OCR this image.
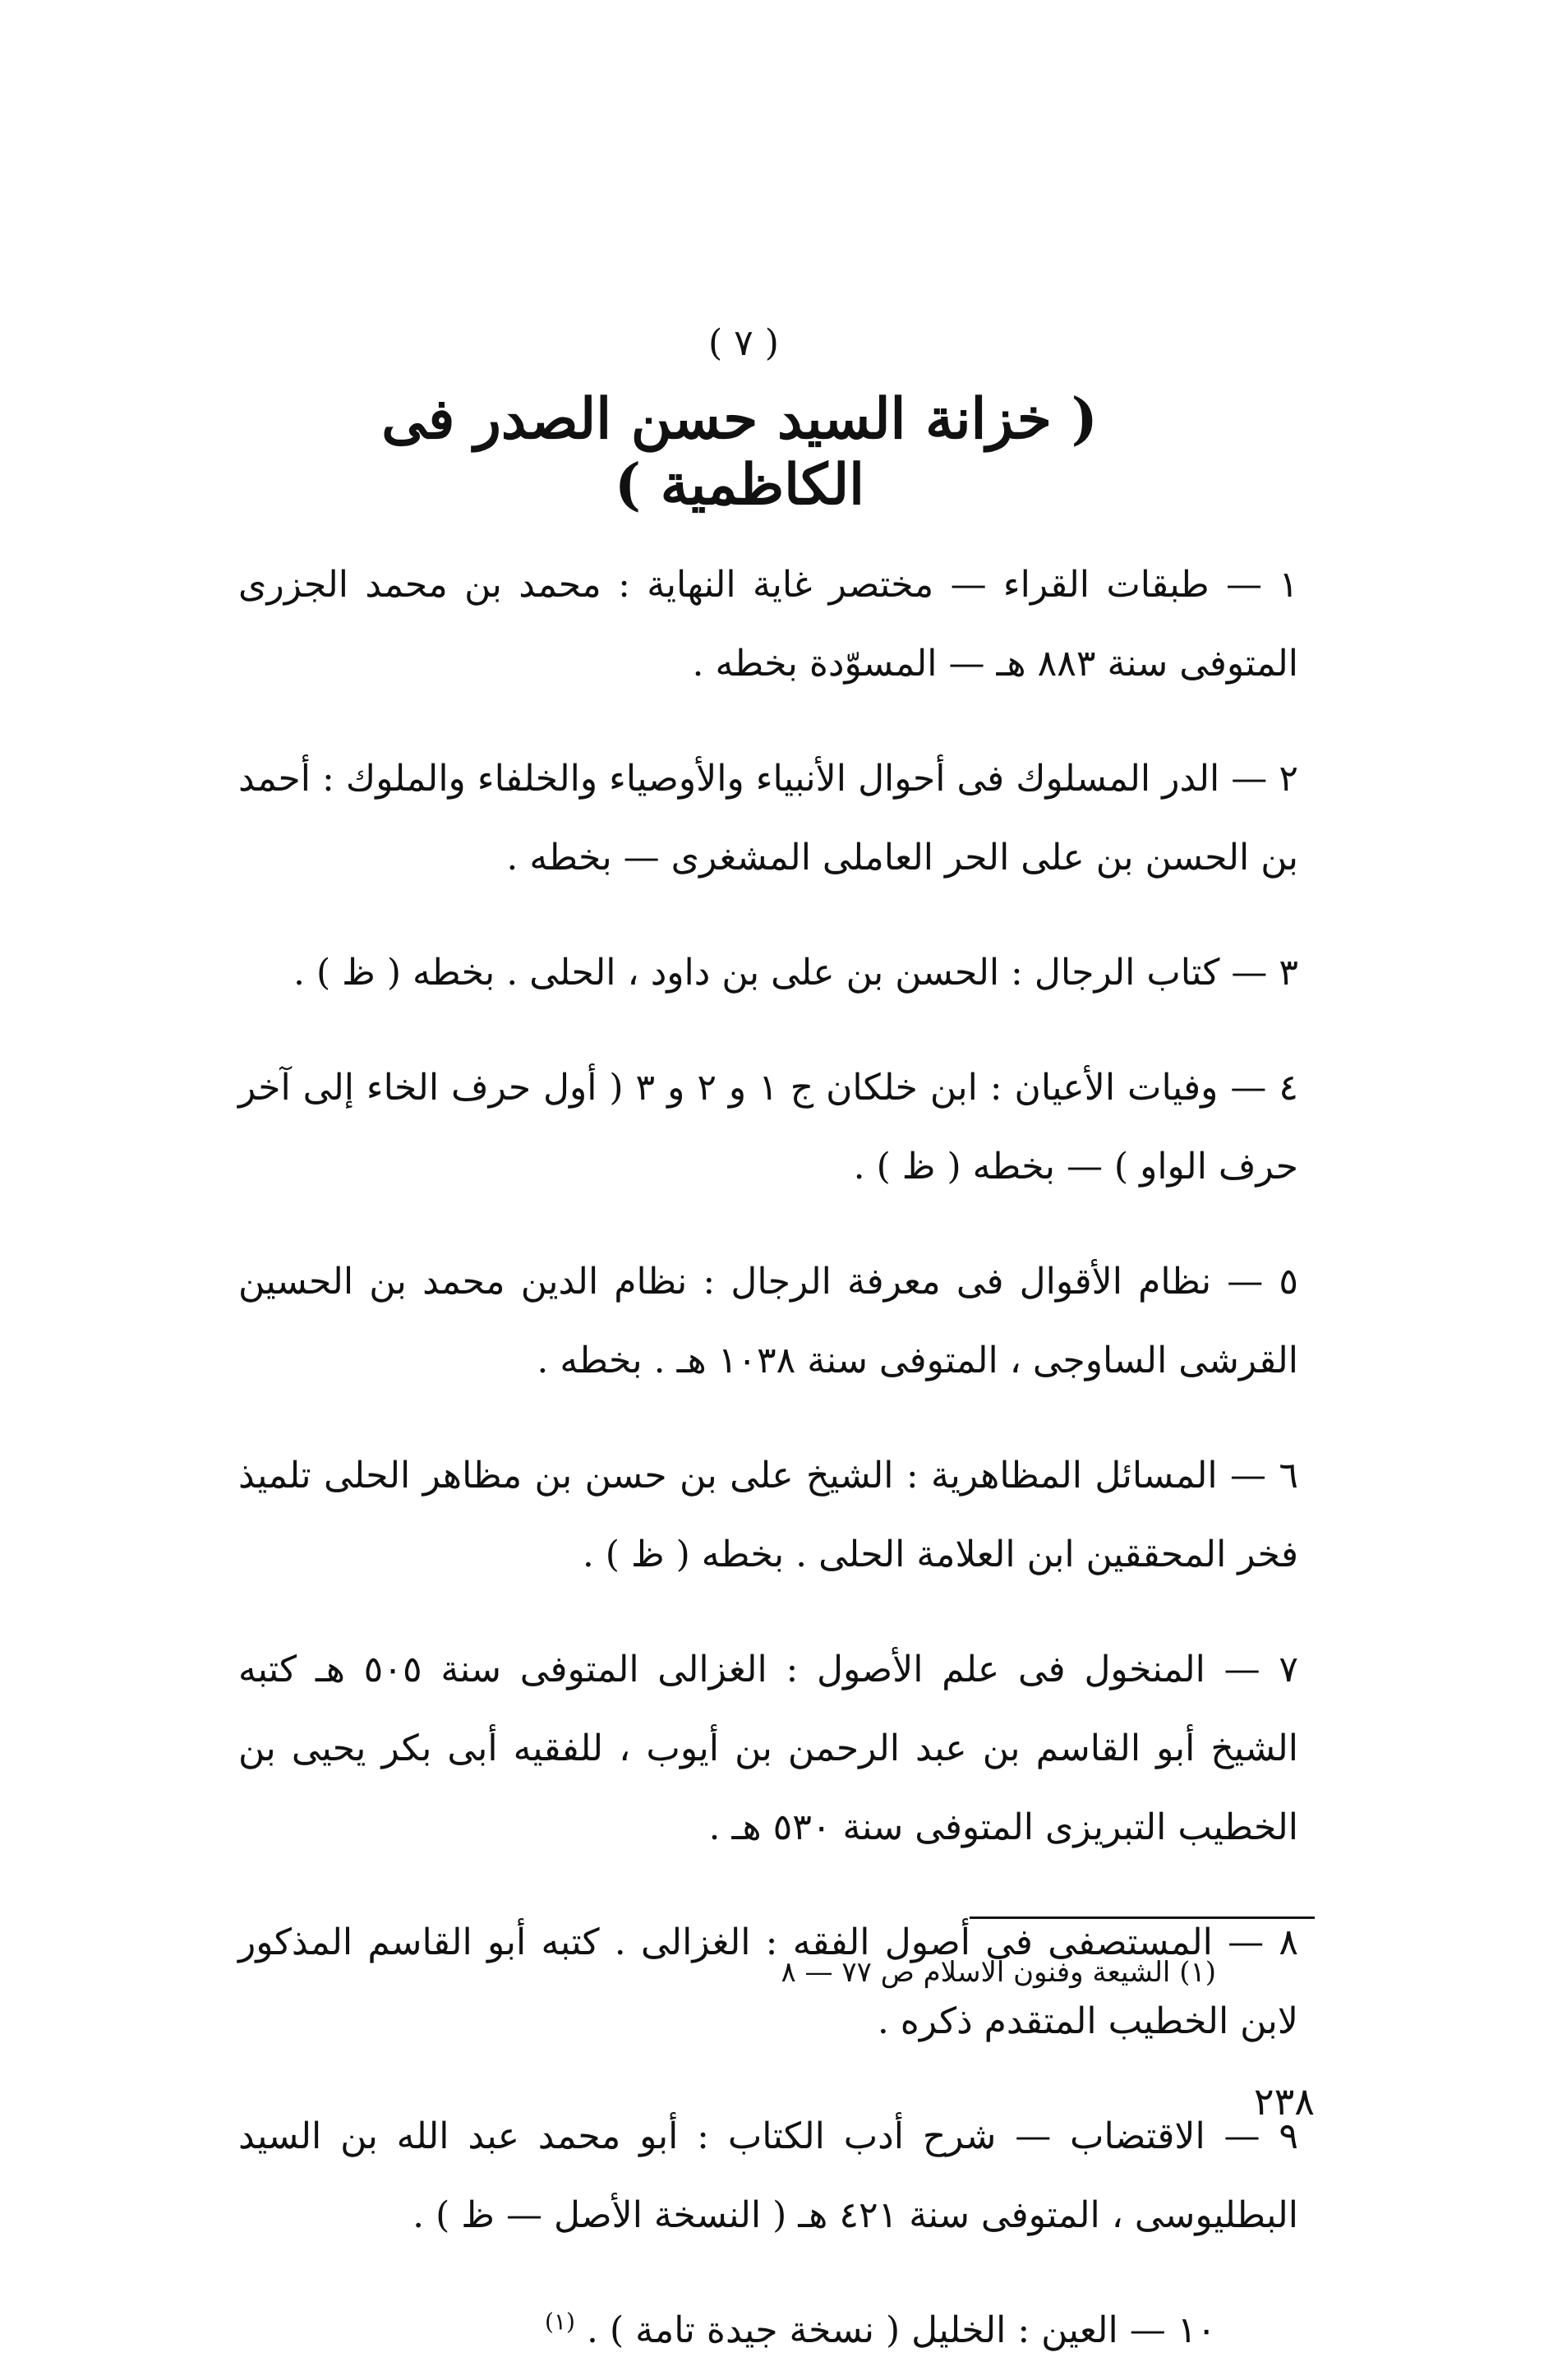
( ٧ )
( خزانة السيد حسن الصدر فى الكاظمية )

١ — طبقات القراء — مختصر غاية النهاية : محمد بن محمد الجزرى المتوفى سنة ٨٨٣ هـ — المسوّدة بخطه .

٢ — الدر المسلوك فى أحوال الأنبياء والأوصياء والخلفاء والملوك : أحمد بن الحسن بن على الحر العاملى المشغرى — بخطه .

٣ — كتاب الرجال : الحسن بن على بن داود ، الحلى . بخطه ( ظ ) .

٤ — وفيات الأعيان : ابن خلكان ج ١ و ٢ و ٣ ( أول حرف الخاء إلى آخر حرف الواو ) — بخطه ( ظ ) .

٥ — نظام الأقوال فى معرفة الرجال : نظام الدين محمد بن الحسين القرشى الساوجى ، المتوفى سنة ١٠٣٨ هـ . بخطه .

٦ — المسائل المظاهرية : الشيخ على بن حسن بن مظاهر الحلى تلميذ فخر المحققين ابن العلامة الحلى . بخطه ( ظ ) .

٧ — المنخول فى علم الأصول : الغزالى المتوفى سنة ٥٠٥ هـ كتبه الشيخ أبو القاسم بن عبد الرحمن بن أيوب ، للفقيه أبى بكر يحيى بن الخطيب التبريزى المتوفى سنة ٥٣٠ هـ .

٨ — المستصفى فى أصول الفقه : الغزالى . كتبه أبو القاسم المذكور لابن الخطيب المتقدم ذكره .

٩ — الاقتضاب — شرح أدب الكتاب : أبو محمد عبد الله بن السيد البطليوسى ، المتوفى سنة ٤٢١ هـ ( النسخة الأصل — ظ ) .

١٠ — العين : الخليل ( نسخة جيدة تامة ) . $^{(١)}$

(١) الشيعة وفنون الاسلام ص ٧٧ — ٨
٢٣٨
